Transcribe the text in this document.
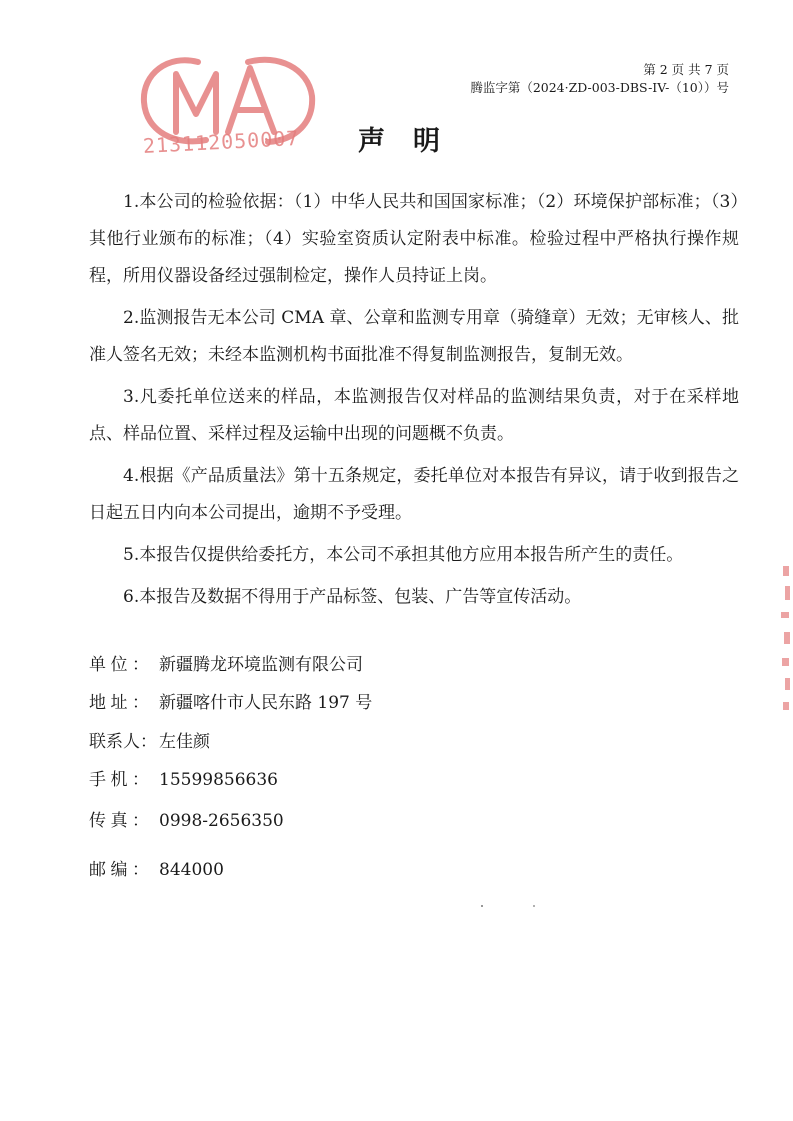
第 2 页 共 7 页
腾监字第（2024·ZD-003-DBS-IV-（10））号
MA
213112050007 声明

1.本公司的检验依据：（1）中华人民共和国国家标准；（2）环境保护部标准；（3）其他行业颁布的标准；（4）实验室资质认定附表中标准。检验过程中严格执行操作规程，所用仪器设备经过强制检定，操作人员持证上岗。

2.监测报告无本公司 CMA 章、公章和监测专用章（骑缝章）无效；无审核人、批准人签名无效；未经本监测机构书面批准不得复制监测报告，复制无效。

3.凡委托单位送来的样品，本监测报告仅对样品的监测结果负责，对于在采样地点、样品位置、采样过程及运输中出现的问题概不负责。

4.根据《产品质量法》第十五条规定，委托单位对本报告有异议，请于收到报告之日起五日内向本公司提出，逾期不予受理。

5.本报告仅提供给委托方，本公司不承担其他方应用本报告所产生的责任。

6.本报告及数据不得用于产品标签、包装、广告等宣传活动。

单位： 新疆腾龙环境监测有限公司
地址： 新疆喀什市人民东路 197 号
联系人： 左佳颜
手机： 15599856636
传真： 0998-2656350
邮编： 844000
